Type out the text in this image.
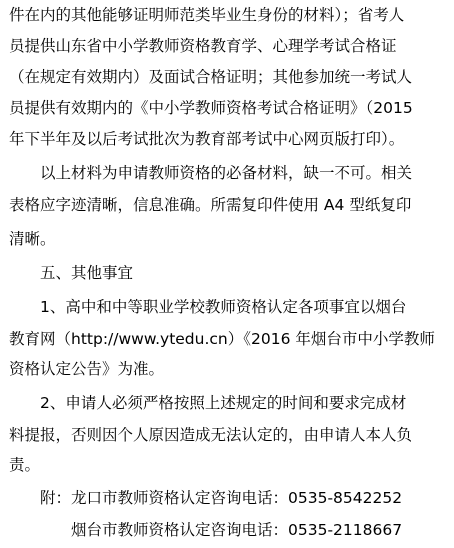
件在内的其他能够证明师范类毕业生身份的材料）；省考人
员提供山东省中小学教师资格教育学、心理学考试合格证
（在规定有效期内）及面试合格证明；其他参加统一考试人
员提供有效期内的《中小学教师资格考试合格证明》（2015
年下半年及以后考试批次为教育部考试中心网页版打印）。
　　以上材料为申请教师资格的必备材料，缺一不可。相关
表格应字迹清晰，信息准确。所需复印件使用 A4 型纸复印
清晰。
　　五、其他事宜
　　1、高中和中等职业学校教师资格认定各项事宜以烟台
教育网（http://www.ytedu.cn）《2016 年烟台市中小学教师
资格认定公告》为准。
　　2、申请人必须严格按照上述规定的时间和要求完成材
料提报，否则因个人原因造成无法认定的，由申请人本人负
责。
　　附：龙口市教师资格认定咨询电话：0535-8542252
　　　　烟台市教师资格认定咨询电话：0535-2118667
